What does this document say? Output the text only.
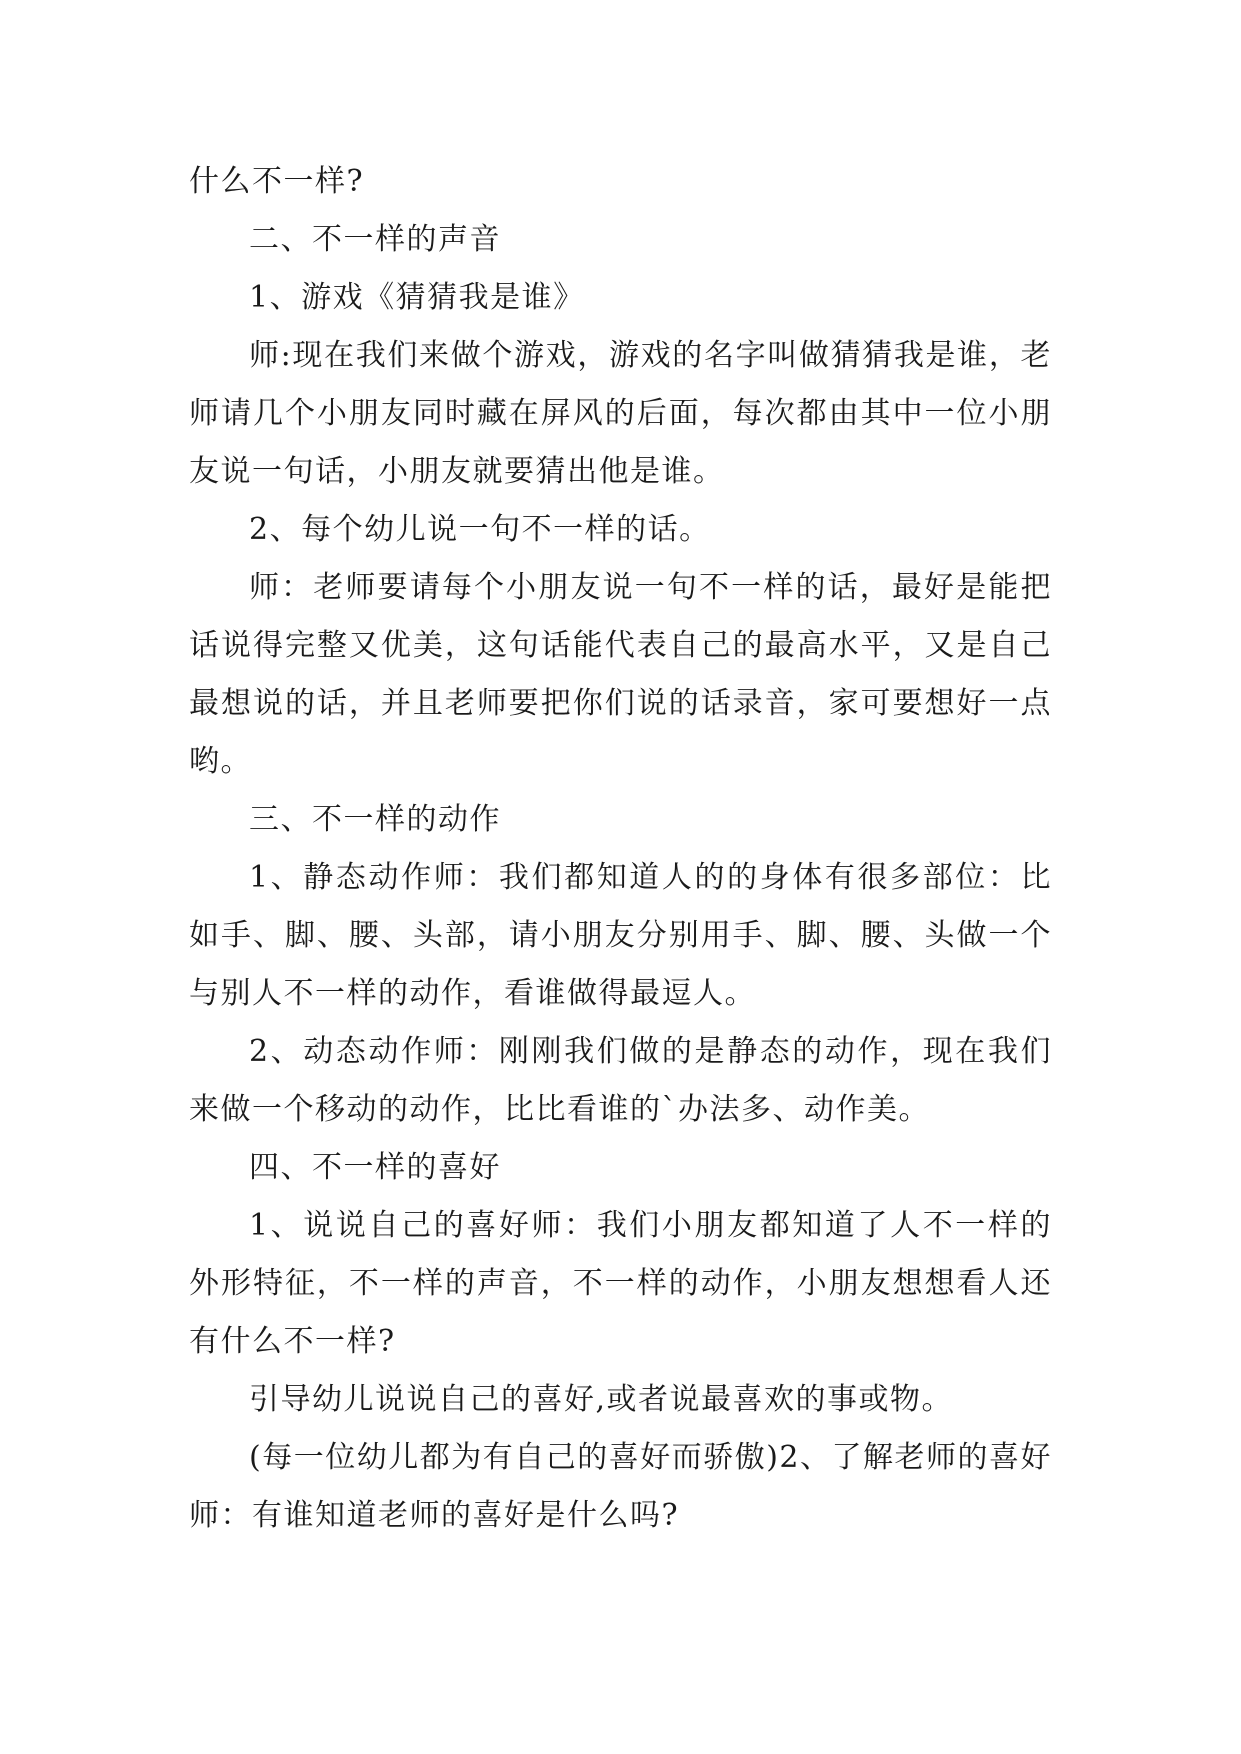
什么不一样?

二、不一样的声音

1、游戏《猜猜我是谁》

师:现在我们来做个游戏，游戏的名字叫做猜猜我是谁，老师请几个小朋友同时藏在屏风的后面，每次都由其中一位小朋友说一句话，小朋友就要猜出他是谁。

2、每个幼儿说一句不一样的话。

师：老师要请每个小朋友说一句不一样的话，最好是能把话说得完整又优美，这句话能代表自己的最高水平，又是自己最想说的话，并且老师要把你们说的话录音，家可要想好一点哟。

三、不一样的动作

1、静态动作师：我们都知道人的的身体有很多部位：比如手、脚、腰、头部，请小朋友分别用手、脚、腰、头做一个与别人不一样的动作，看谁做得最逗人。

2、动态动作师：刚刚我们做的是静态的动作，现在我们来做一个移动的动作，比比看谁的`办法多、动作美。

四、不一样的喜好

1、说说自己的喜好师：我们小朋友都知道了人不一样的外形特征，不一样的声音，不一样的动作，小朋友想想看人还有什么不一样?

引导幼儿说说自己的喜好,或者说最喜欢的事或物。

(每一位幼儿都为有自己的喜好而骄傲)2、了解老师的喜好师：有谁知道老师的喜好是什么吗?
